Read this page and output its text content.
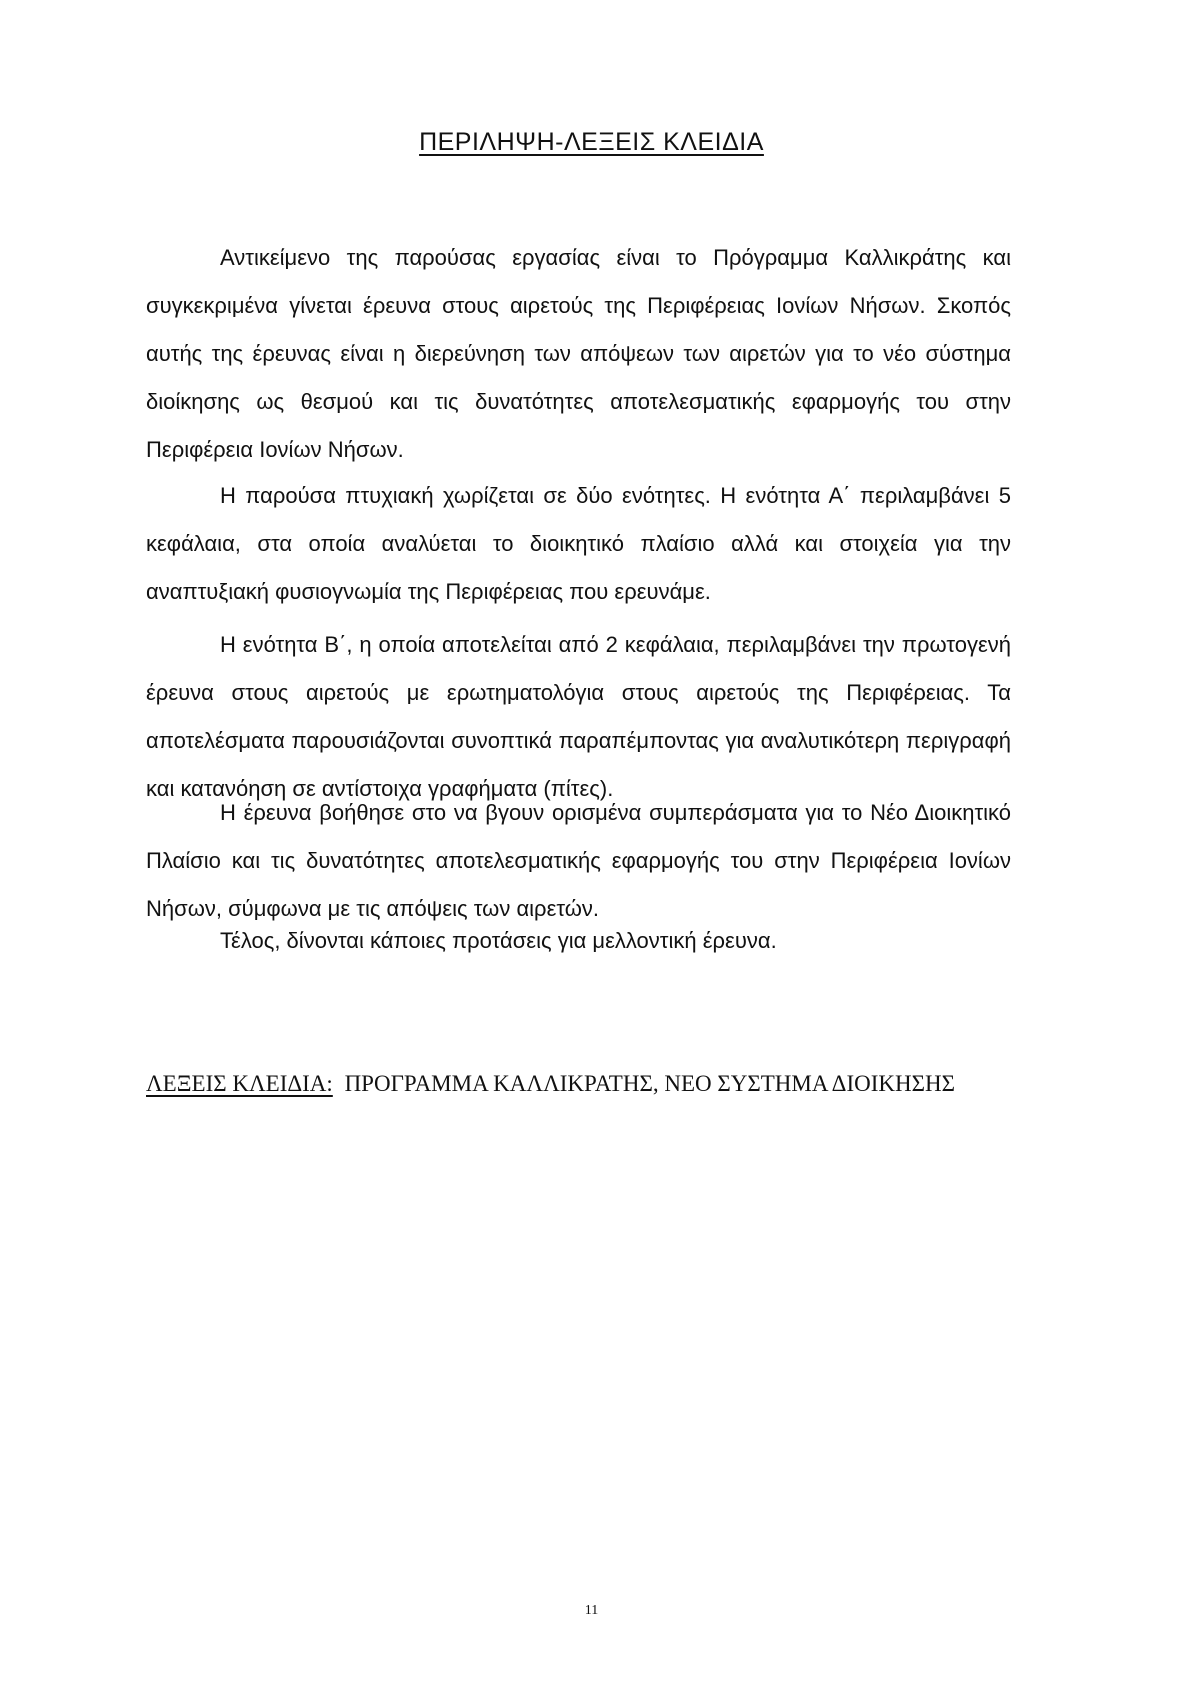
ΠΕΡΙΛΗΨΗ-ΛΕΞΕΙΣ ΚΛΕΙΔΙΑ

Αντικείμενο της παρούσας εργασίας είναι το Πρόγραμμα Καλλικράτης και συγκεκριμένα γίνεται έρευνα στους αιρετούς της Περιφέρειας Ιονίων Νήσων. Σκοπός αυτής της έρευνας είναι η διερεύνηση των απόψεων των αιρετών για το νέο σύστημα διοίκησης ως θεσμού και τις δυνατότητες αποτελεσματικής εφαρμογής του στην Περιφέρεια Ιονίων Νήσων.

Η παρούσα πτυχιακή χωρίζεται σε δύο ενότητες. Η ενότητα Α΄ περιλαμβάνει 5 κεφάλαια, στα οποία αναλύεται το διοικητικό πλαίσιο αλλά και στοιχεία για την αναπτυξιακή φυσιογνωμία της Περιφέρειας που ερευνάμε.

Η ενότητα Β΄, η οποία αποτελείται από 2 κεφάλαια, περιλαμβάνει την πρωτογενή έρευνα στους αιρετούς με ερωτηματολόγια στους αιρετούς της Περιφέρειας. Τα αποτελέσματα παρουσιάζονται συνοπτικά παραπέμποντας για αναλυτικότερη περιγραφή και κατανόηση σε αντίστοιχα γραφήματα (πίτες).

Η έρευνα βοήθησε στο να βγουν ορισμένα συμπεράσματα για το Νέο Διοικητικό Πλαίσιο και τις δυνατότητες αποτελεσματικής εφαρμογής του στην Περιφέρεια Ιονίων Νήσων, σύμφωνα με τις απόψεις των αιρετών.

Τέλος, δίνονται κάποιες προτάσεις για μελλοντική έρευνα.

ΛΕΞΕΙΣ ΚΛΕΙΔΙΑ: ΠΡΟΓΡΑΜΜΑ ΚΑΛΛΙΚΡΑΤΗΣ, ΝΕΟ ΣΥΣΤΗΜΑ ΔΙΟΙΚΗΣΗΣ
11
